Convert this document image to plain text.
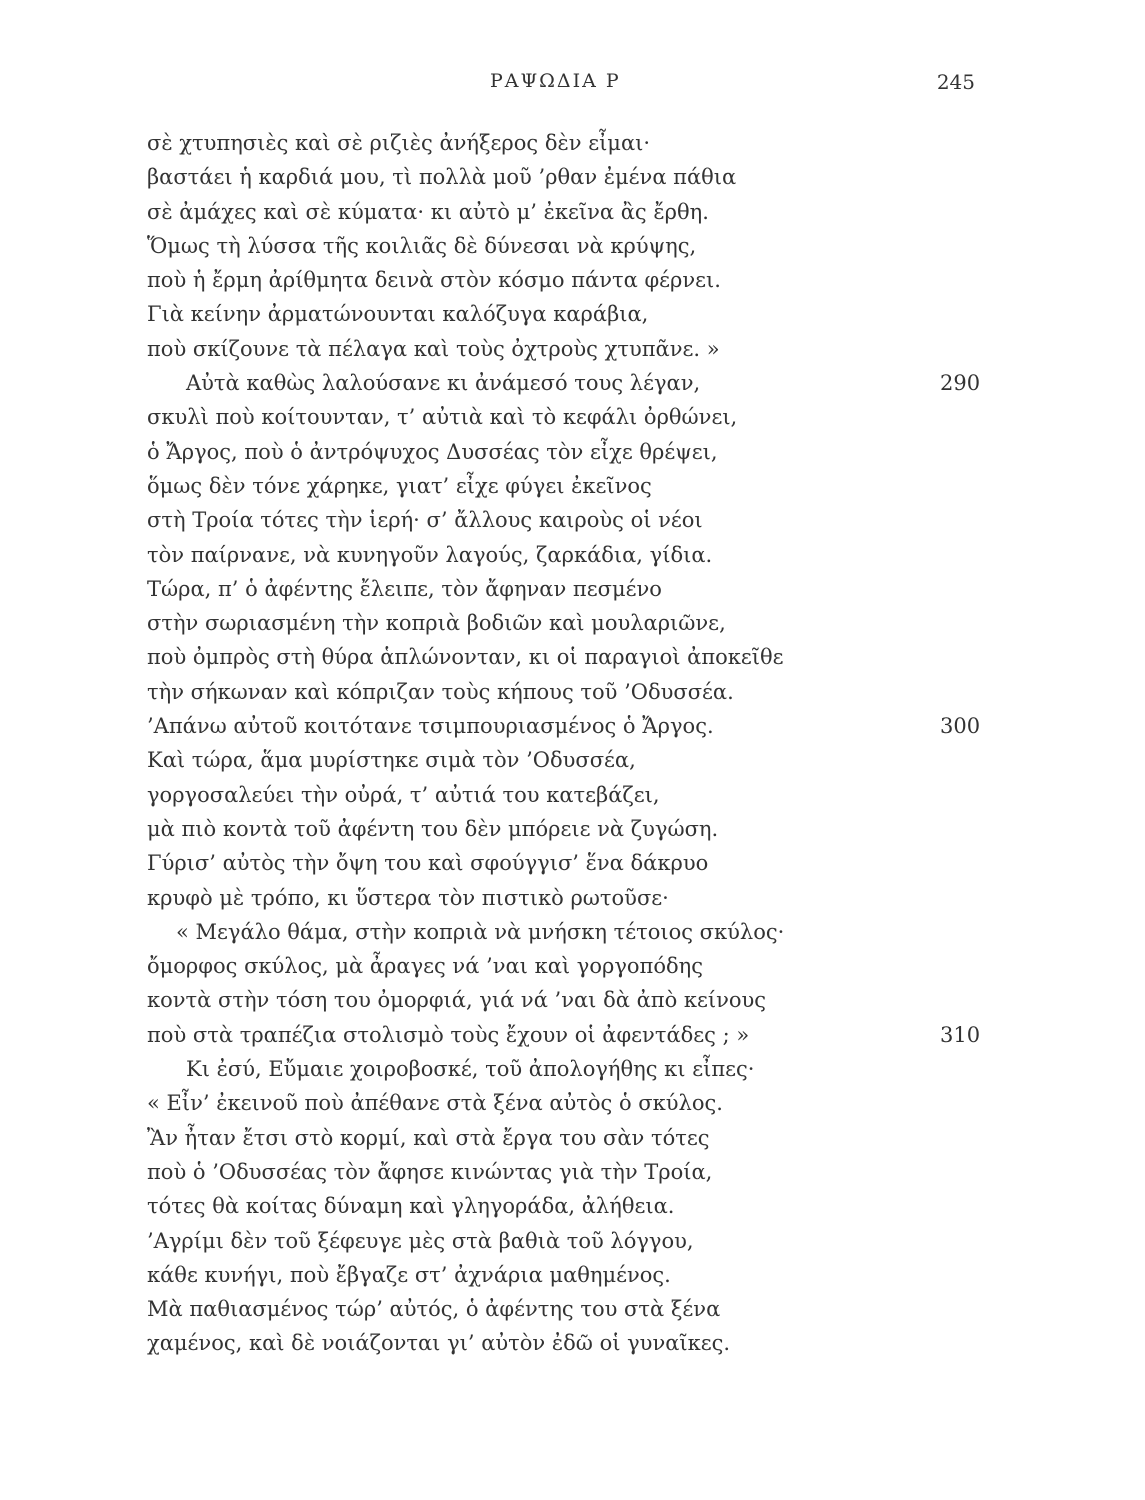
ΡΑΨΩΔΙΑ Ρ	245
σὲ χτυπησιὲς καὶ σὲ ριζιὲς ἀνήξερος δὲν εἶμαι·
βαστάει ἡ καρδιά μου, τὶ πολλὰ μοῦ ’ρθαν ἐμένα πάθια
σὲ ἀμάχες καὶ σὲ κύματα· κι αὐτὸ μ’ ἐκεῖνα ἂς ἔρθη.
Ὅμως τὴ λύσσα τῆς κοιλιᾶς δὲ δύνεσαι νὰ κρύψης,
ποὺ ἡ ἔρμη ἀρίθμητα δεινὰ στὸν κόσμο πάντα φέρνει.
Γιὰ κείνην ἀρματώνουνται καλόζυγα καράβια,
ποὺ σκίζουνε τὰ πέλαγα καὶ τοὺς ὀχτροὺς χτυπᾶνε. »
Αὐτὰ καθὼς λαλούσανε κι ἀνάμεσό τους λέγαν,	290
σκυλὶ ποὺ κοίτουνταν, τ’ αὐτιὰ καὶ τὸ κεφάλι ὀρθώνει,
ὁ Ἄργος, ποὺ ὁ ἀντρόψυχος Δυσσέας τὸν εἶχε θρέψει,
ὅμως δὲν τόνε χάρηκε, γιατ’ εἶχε φύγει ἐκεῖνος
στὴ Τροία τότες τὴν ἱερή· σ’ ἄλλους καιροὺς οἱ νέοι
τὸν παίρνανε, νὰ κυνηγοῦν λαγούς, ζαρκάδια, γίδια.
Τώρα, π’ ὁ ἀφέντης ἔλειπε, τὸν ἄφηναν πεσμένο
στὴν σωριασμένη τὴν κοπριὰ βοδιῶν καὶ μουλαριῶνε,
ποὺ ὀμπρὸς στὴ θύρα ἁπλώνονταν, κι οἱ παραγιοὶ ἀποκεῖθε
τὴν σήκωναν καὶ κόπριζαν τοὺς κήπους τοῦ ’Οδυσσέα.
’Απάνω αὐτοῦ κοιτότανε τσιμπουριασμένος ὁ Ἄργος.	300
Καὶ τώρα, ἅμα μυρίστηκε σιμὰ τὸν ’Οδυσσέα,
γοργοσαλεύει τὴν οὐρά, τ’ αὐτιά του κατεβάζει,
μὰ πιὸ κοντὰ τοῦ ἀφέντη του δὲν μπόρειε νὰ ζυγώση.
Γύρισ’ αὐτὸς τὴν ὄψη του καὶ σφούγγισ’ ἕνα δάκρυο
κρυφὸ μὲ τρόπο, κι ὕστερα τὸν πιστικὸ ρωτοῦσε·
« Μεγάλο θάμα, στὴν κοπριὰ νὰ μνήσκη τέτοιος σκύλος·
ὄμορφος σκύλος, μὰ ἆραγες νά ’ναι καὶ γοργοπόδης
κοντὰ στὴν τόση του ὀμορφιά, γιά νά ’ναι δὰ ἀπὸ κείνους
ποὺ στὰ τραπέζια στολισμὸ τοὺς ἔχουν οἱ ἀφεντάδες ; »	310
Κι ἐσύ, Εὔμαιε χοιροβοσκέ, τοῦ ἀπολογήθης κι εἶπες·
« Εἶν’ ἐκεινοῦ ποὺ ἀπέθανε στὰ ξένα αὐτὸς ὁ σκύλος.
Ἂν ἦταν ἔτσι στὸ κορμί, καὶ στὰ ἔργα του σὰν τότες
ποὺ ὁ ’Οδυσσέας τὸν ἄφησε κινώντας γιὰ τὴν Τροία,
τότες θὰ κοίτας δύναμη καὶ γληγοράδα, ἀλήθεια.
’Αγρίμι δὲν τοῦ ξέφευγε μὲς στὰ βαθιὰ τοῦ λόγγου,
κάθε κυνήγι, ποὺ ἔβγαζε στ’ ἀχνάρια μαθημένος.
Μὰ παθιασμένος τώρ’ αὐτός, ὁ ἀφέντης του στὰ ξένα
χαμένος, καὶ δὲ νοιάζονται γι’ αὐτὸν ἐδῶ οἱ γυναῖκες.
